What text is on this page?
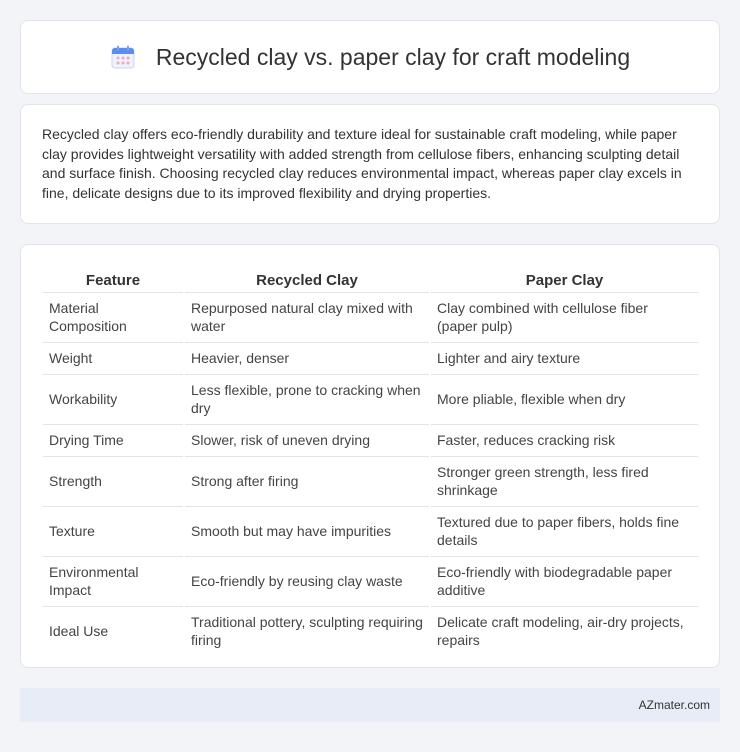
Recycled clay vs. paper clay for craft modeling

Recycled clay offers eco-friendly durability and texture ideal for sustainable craft modeling, while paper clay provides lightweight versatility with added strength from cellulose fibers, enhancing sculpting detail and surface finish. Choosing recycled clay reduces environmental impact, whereas paper clay excels in fine, delicate designs due to its improved flexibility and drying properties.

Feature	Recycled Clay	Paper Clay
Material Composition	Repurposed natural clay mixed with water	Clay combined with cellulose fiber (paper pulp)
Weight	Heavier, denser	Lighter and airy texture
Workability	Less flexible, prone to cracking when dry	More pliable, flexible when dry
Drying Time	Slower, risk of uneven drying	Faster, reduces cracking risk
Strength	Strong after firing	Stronger green strength, less fired shrinkage
Texture	Smooth but may have impurities	Textured due to paper fibers, holds fine details
Environmental Impact	Eco-friendly by reusing clay waste	Eco-friendly with biodegradable paper additive
Ideal Use	Traditional pottery, sculpting requiring firing	Delicate craft modeling, air-dry projects, repairs
AZmater.com
